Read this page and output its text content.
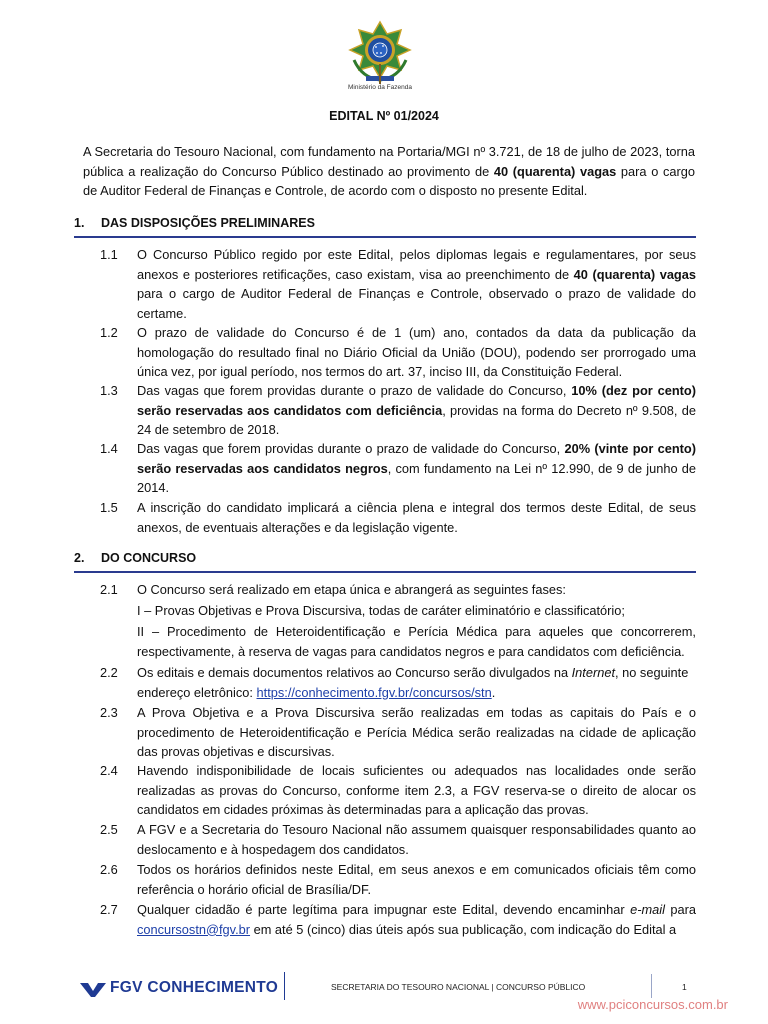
Ministério da Fazenda
EDITAL Nº 01/2024
A Secretaria do Tesouro Nacional, com fundamento na Portaria/MGI nº 3.721, de 18 de julho de 2023, torna pública a realização do Concurso Público destinado ao provimento de 40 (quarenta) vagas para o cargo de Auditor Federal de Finanças e Controle, de acordo com o disposto no presente Edital.
1. DAS DISPOSIÇÕES PRELIMINARES
1.1 O Concurso Público regido por este Edital, pelos diplomas legais e regulamentares, por seus anexos e posteriores retificações, caso existam, visa ao preenchimento de 40 (quarenta) vagas para o cargo de Auditor Federal de Finanças e Controle, observado o prazo de validade do certame.
1.2 O prazo de validade do Concurso é de 1 (um) ano, contados da data da publicação da homologação do resultado final no Diário Oficial da União (DOU), podendo ser prorrogado uma única vez, por igual período, nos termos do art. 37, inciso III, da Constituição Federal.
1.3 Das vagas que forem providas durante o prazo de validade do Concurso, 10% (dez por cento) serão reservadas aos candidatos com deficiência, providas na forma do Decreto nº 9.508, de 24 de setembro de 2018.
1.4 Das vagas que forem providas durante o prazo de validade do Concurso, 20% (vinte por cento) serão reservadas aos candidatos negros, com fundamento na Lei nº 12.990, de 9 de junho de 2014.
1.5 A inscrição do candidato implicará a ciência plena e integral dos termos deste Edital, de seus anexos, de eventuais alterações e da legislação vigente.
2. DO CONCURSO
2.1 O Concurso será realizado em etapa única e abrangerá as seguintes fases:
I – Provas Objetivas e Prova Discursiva, todas de caráter eliminatório e classificatório;
II – Procedimento de Heteroidentificação e Perícia Médica para aqueles que concorrerem, respectivamente, à reserva de vagas para candidatos negros e para candidatos com deficiência.
2.2 Os editais e demais documentos relativos ao Concurso serão divulgados na Internet, no seguinte endereço eletrônico: https://conhecimento.fgv.br/concursos/stn.
2.3 A Prova Objetiva e a Prova Discursiva serão realizadas em todas as capitais do País e o procedimento de Heteroidentificação e Perícia Médica serão realizadas na cidade de aplicação das provas objetivas e discursivas.
2.4 Havendo indisponibilidade de locais suficientes ou adequados nas localidades onde serão realizadas as provas do Concurso, conforme item 2.3, a FGV reserva-se o direito de alocar os candidatos em cidades próximas às determinadas para a aplicação das provas.
2.5 A FGV e a Secretaria do Tesouro Nacional não assumem quaisquer responsabilidades quanto ao deslocamento e à hospedagem dos candidatos.
2.6 Todos os horários definidos neste Edital, em seus anexos e em comunicados oficiais têm como referência o horário oficial de Brasília/DF.
2.7 Qualquer cidadão é parte legítima para impugnar este Edital, devendo encaminhar e-mail para concursostn@fgv.br em até 5 (cinco) dias úteis após sua publicação, com indicação do Edital a
FGV CONHECIMENTO	SECRETARIA DO TESOURO NACIONAL | CONCURSO PÚBLICO	1
www.pciconcursos.com.br
